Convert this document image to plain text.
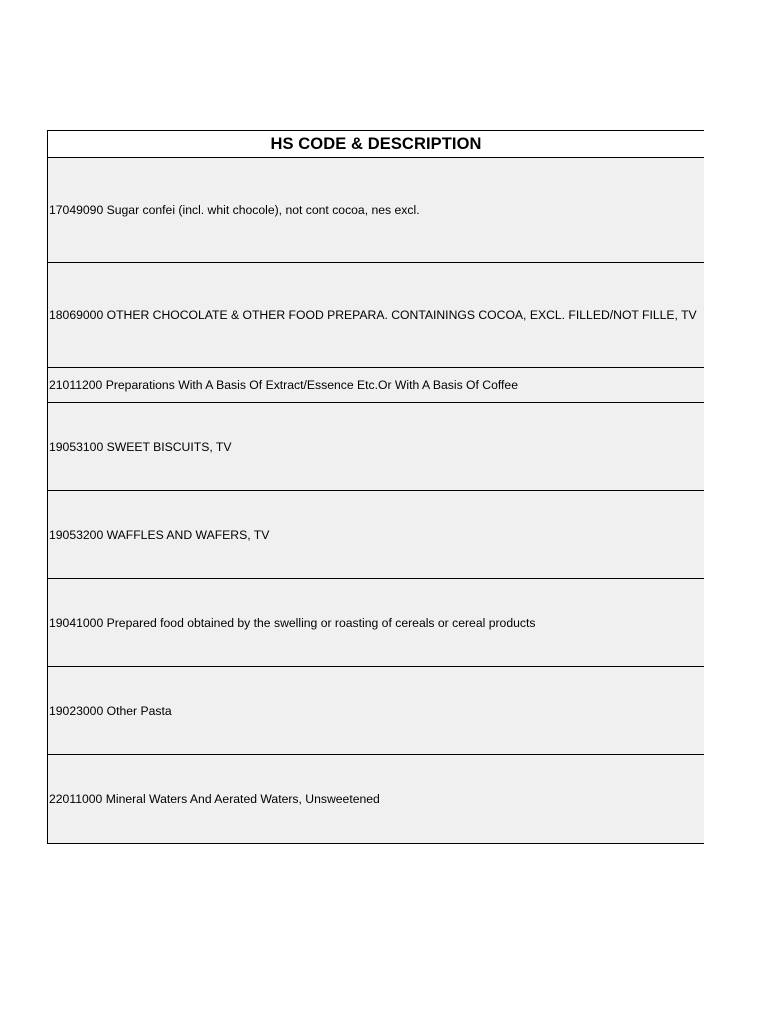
HS CODE & DESCRIPTION
17049090 Sugar confei (incl. whit chocole), not cont cocoa, nes excl.
18069000 OTHER CHOCOLATE & OTHER FOOD PREPARA. CONTAININGS COCOA, EXCL. FILLED/NOT FILLE, TV
21011200 Preparations With A Basis Of Extract/Essence Etc.Or With A Basis Of Coffee
19053100 SWEET BISCUITS, TV
19053200 WAFFLES AND WAFERS, TV
19041000 Prepared food obtained by the swelling or roasting of cereals or cereal products
19023000 Other Pasta
22011000 Mineral Waters And Aerated Waters, Unsweetened
